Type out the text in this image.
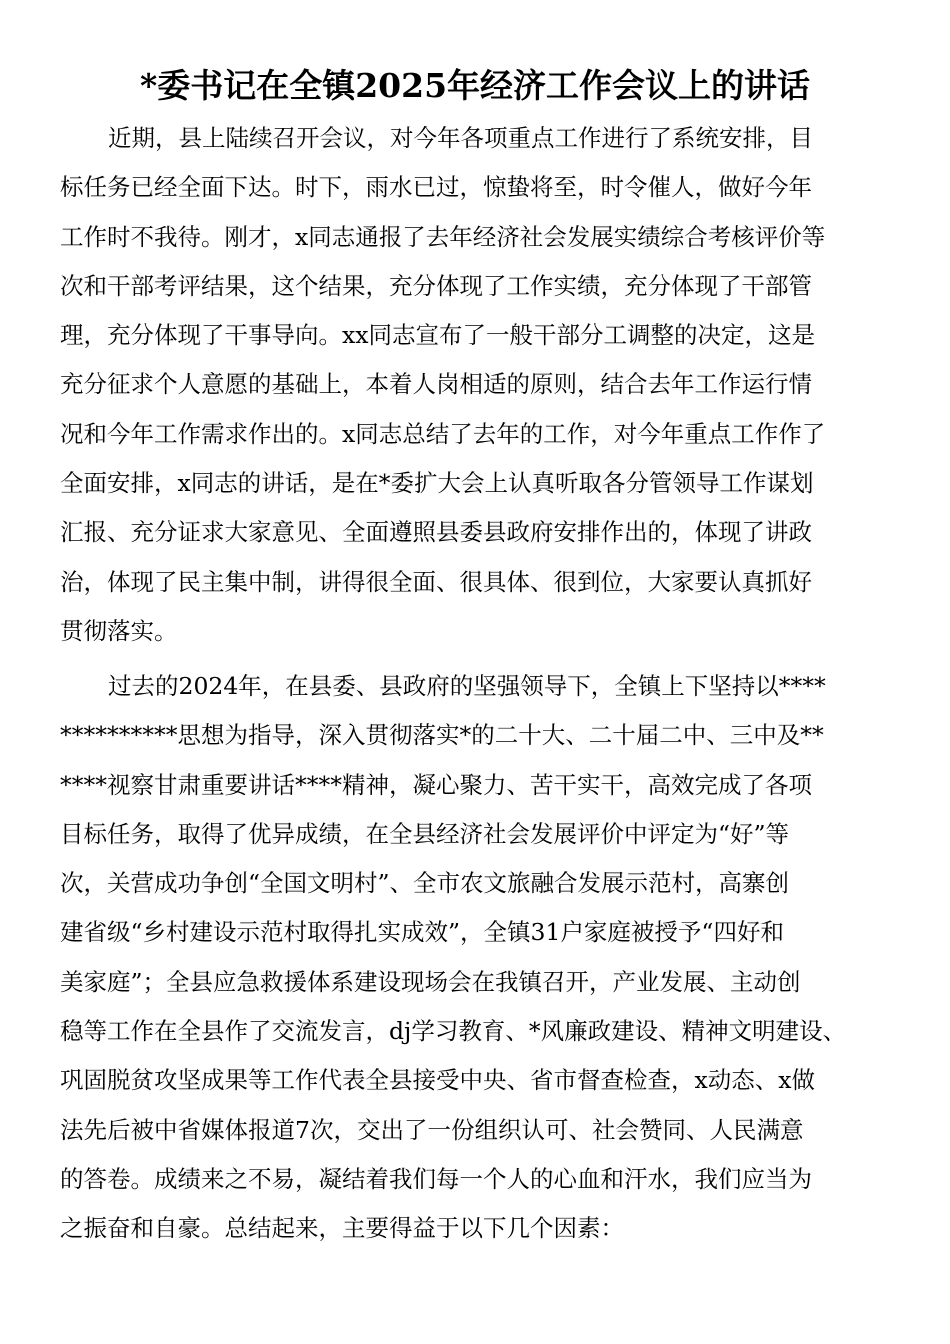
*委书记在全镇2025年经济工作会议上的讲话
近期，县上陆续召开会议，对今年各项重点工作进行了系统安排，目
标任务已经全面下达。时下，雨水已过，惊蛰将至，时令催人，做好今年
工作时不我待。刚才，x同志通报了去年经济社会发展实绩综合考核评价等
次和干部考评结果，这个结果，充分体现了工作实绩，充分体现了干部管
理，充分体现了干事导向。xx同志宣布了一般干部分工调整的决定，这是
充分征求个人意愿的基础上，本着人岗相适的原则，结合去年工作运行情
况和今年工作需求作出的。x同志总结了去年的工作，对今年重点工作作了
全面安排，x同志的讲话，是在*委扩大会上认真听取各分管领导工作谋划
汇报、充分证求大家意见、全面遵照县委县政府安排作出的，体现了讲政
治，体现了民主集中制，讲得很全面、很具体、很到位，大家要认真抓好
贯彻落实。
过去的2024年，在县委、县政府的坚强领导下，全镇上下坚持以****
**********思想为指导，深入贯彻落实*的二十大、二十届二中、三中及**
****视察甘肃重要讲话****精神，凝心聚力、苦干实干，高效完成了各项
目标任务，取得了优异成绩，在全县经济社会发展评价中评定为“好”等
次，关营成功争创“全国文明村”、全市农文旅融合发展示范村，高寨创
建省级“乡村建设示范村取得扎实成效”，全镇31户家庭被授予“四好和
美家庭”；全县应急救援体系建设现场会在我镇召开，产业发展、主动创
稳等工作在全县作了交流发言，dj学习教育、*风廉政建设、精神文明建设、
巩固脱贫攻坚成果等工作代表全县接受中央、省市督查检查，x动态、x做
法先后被中省媒体报道7次，交出了一份组织认可、社会赞同、人民满意
的答卷。成绩来之不易，凝结着我们每一个人的心血和汗水，我们应当为
之振奋和自豪。总结起来，主要得益于以下几个因素：
